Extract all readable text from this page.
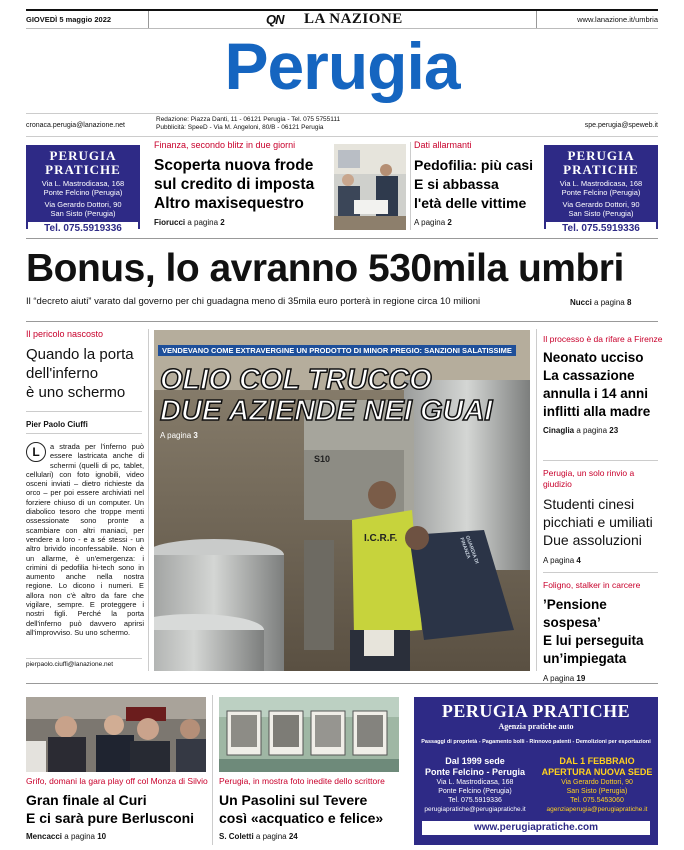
GIOVEDÌ 5 maggio 2022	QN LA NAZIONE	www.lanazione.it/umbria
Perugia
cronaca.perugia@lanazione.net
Redazione: Piazza Danti, 11 - 06121 Perugia - Tel. 075 5755111
Pubblicità: SpeeD - Via M. Angeloni, 80/B - 06121 Perugia	spe.perugia@speweb.it
PERUGIA
PRATICHE
Via L. Mastrodicasa, 168
Ponte Felcino (Perugia)
Via Gerardo Dottori, 90
San Sisto (Perugia)
Tel. 075.5919336
PERUGIA
PRATICHE
Via L. Mastrodicasa, 168
Ponte Felcino (Perugia)
Via Gerardo Dottori, 90
San Sisto (Perugia)
Tel. 075.5919336
Finanza, secondo blitz in due giorni
Scoperta nuova frode
sul credito di imposta
Altro maxisequestro
Fiorucci a pagina 2
Dati allarmanti
Pedofilia: più casi
E si abbassa
l'età delle vittime
A pagina 2
Bonus, lo avranno 530mila umbri
Il “decreto aiuti” varato dal governo per chi guadagna meno di 35mila euro porterà in regione circa 10 milioni	Nucci a pagina 8
Il pericolo nascosto
Quando la porta
dell'inferno
è uno schermo
Pier Paolo Ciuffi
L	a strada per l'inferno può essere lastricata anche di schermi (quelli di pc, tablet, cellulari) con foto ignobili, video osceni inviati – dietro richieste da orco – per poi essere archiviati nel forziere chiuso di un computer. Un diabolico tesoro che troppe menti ossessionate sono pronte a scambiare con altri maniaci, per vendere a loro - e a sé stessi - un altro brivido inconfessabile. Non è un allarme, è un'emergenza: i crimini di pedofilia hi-tech sono in aumento anche nella nostra regione. Lo dicono i numeri. E allora non c'è altro da fare che vigilare, sempre. E proteggere i nostri figli. Perché la porta dell'inferno può davvero aprirsi all'improvviso. Su uno schermo.
pierpaolo.ciuffi@lanazione.net
VENDEVANO COME EXTRAVERGINE UN PRODOTTO DI MINOR PREGIO: SANZIONI SALATISSIME
OLIO COL TRUCCO
DUE AZIENDE NEI GUAI
A pagina 3
S10
I.C.R.F.	GUARDIA DI FINANZA
Il processo è da rifare a Firenze
Neonato ucciso
La cassazione
annulla i 14 anni
inflitti alla madre
Cinaglia a pagina 23
Perugia, un solo rinvio a giudizio
Studenti cinesi
picchiati e umiliati
Due assoluzioni
A pagina 4
Foligno, stalker in carcere
’Pensione sospesa’
E lui perseguita
un’impiegata
A pagina 19
Grifo, domani la gara play off col Monza di Silvio
Gran finale al Curi
E ci sarà pure Berlusconi
Mencacci a pagina 10
Perugia, in mostra foto inedite dello scrittore
Un Pasolini sul Tevere
così «acquatico e felice»
S. Coletti a pagina 24
PERUGIA PRATICHE
Agenzia pratiche auto
Passaggi di proprietà - Pagamento bolli - Rinnovo patenti - Demolizioni per esportazioni
Dal 1999 sede
Ponte Felcino - Perugia
Via L. Mastrodicasa, 168
Ponte Felcino (Perugia)
Tel. 075.5919336
perugiapratiche@perugiapratiche.it
DAL 1 FEBBRAIO
APERTURA NUOVA SEDE
Via Gerardo Dottori, 90
San Sisto (Perugia)
Tel. 075.5453060
agenziaperugia@perugiapratiche.it
www.perugiapratiche.com
